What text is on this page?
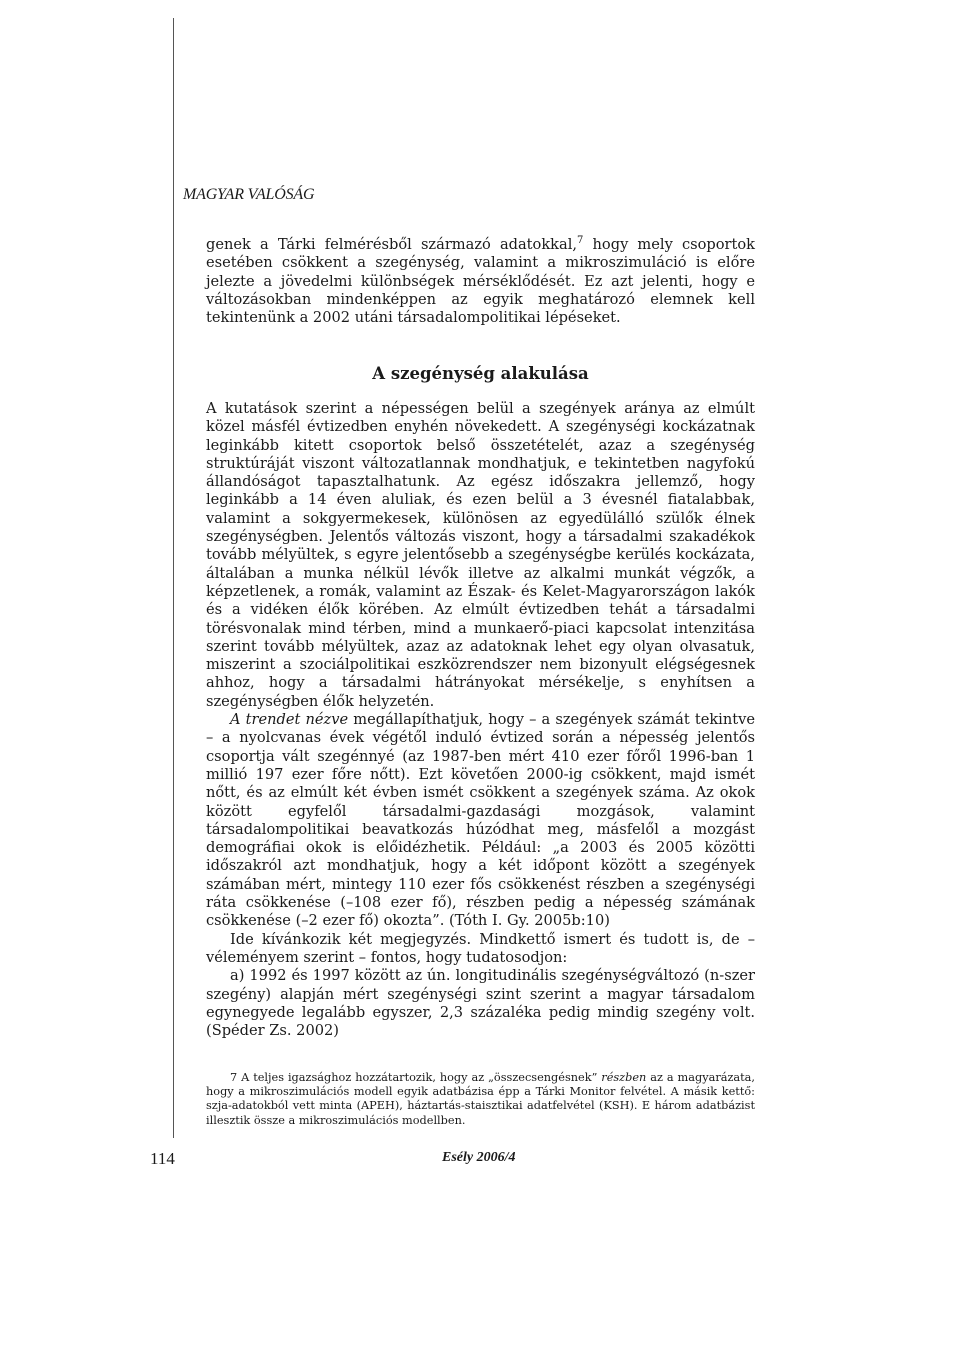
MAGYAR VALÓSÁG

genek a Tárki felmérésből származó adatokkal,$^7$ hogy mely csoportok esetében csökkent a szegénység, valamint a mikroszimuláció is előre jelezte a jövedelmi különbségek mérséklődését. Ez azt jelenti, hogy e változásokban mindenképpen az egyik meghatározó elemnek kell tekintenünk a 2002 utáni társadalompolitikai lépéseket.

A szegénység alakulása

A kutatások szerint a népességen belül a szegények aránya az elmúlt közel másfél évtizedben enyhén növekedett. A szegénységi kockázatnak leginkább kitett csoportok belső összetételét, azaz a szegénység struktúráját viszont változatlannak mondhatjuk, e tekintetben nagyfokú állandóságot tapasztalhatunk. Az egész időszakra jellemző, hogy leginkább a 14 éven aluliak, és ezen belül a 3 évesnél fiatalabbak, valamint a sokgyermekesek, különösen az egyedülálló szülők élnek szegénységben. Jelentős változás viszont, hogy a társadalmi szakadékok tovább mélyültek, s egyre jelentősebb a szegénységbe kerülés kockázata, általában a munka nélkül lévők illetve az alkalmi munkát végzők, a képzetlenek, a romák, valamint az Észak- és Kelet-Magyarországon lakók és a vidéken élők körében. Az elmúlt évtizedben tehát a társadalmi törésvonalak mind térben, mind a munkaerő-piaci kapcsolat intenzitása szerint tovább mélyültek, azaz az adatoknak lehet egy olyan olvasatuk, miszerint a szociálpolitikai eszközrendszer nem bizonyult elégségesnek ahhoz, hogy a társadalmi hátrányokat mérsékelje, s enyhítsen a szegénységben élők helyzetén.

A trendet nézve megállapíthatjuk, hogy – a szegények számát tekintve – a nyolcvanas évek végétől induló évtized során a népesség jelentős csoportja vált szegénnyé (az 1987-ben mért 410 ezer főről 1996-ban 1 millió 197 ezer főre nőtt). Ezt követően 2000-ig csökkent, majd ismét nőtt, és az elmúlt két évben ismét csökkent a szegények száma. Az okok között egyfelől társadalmi-gazdasági mozgások, valamint társadalompolitikai beavatkozás húzódhat meg, másfelől a mozgást demográfiai okok is előidézhetik. Például: „a 2003 és 2005 közötti időszakról azt mondhatjuk, hogy a két időpont között a szegények számában mért, mintegy 110 ezer fős csökkenést részben a szegénységi ráta csökkenése (–108 ezer fő), részben pedig a népesség számának csökkenése (–2 ezer fő) okozta”. (Tóth I. Gy. 2005b:10)

Ide kívánkozik két megjegyzés. Mindkettő ismert és tudott is, de – véleményem szerint – fontos, hogy tudatosodjon:

a) 1992 és 1997 között az ún. longitudinális szegénységváltozó (n-szer szegény) alapján mért szegénységi szint szerint a magyar társadalom egynegyede legalább egyszer, 2,3 százaléka pedig mindig szegény volt. (Spéder Zs. 2002)

7 A teljes igazsághoz hozzátartozik, hogy az „összecsengésnek” részben az a magyarázata, hogy a mikroszimulációs modell egyik adatbázisa épp a Tárki Monitor felvétel. A másik kettő: szja-adatokból vett minta (APEH), háztartás-staisztikai adatfelvétel (KSH). E három adatbázist illesztik össze a mikroszimulációs modellben.

114	Esély 2006/4
